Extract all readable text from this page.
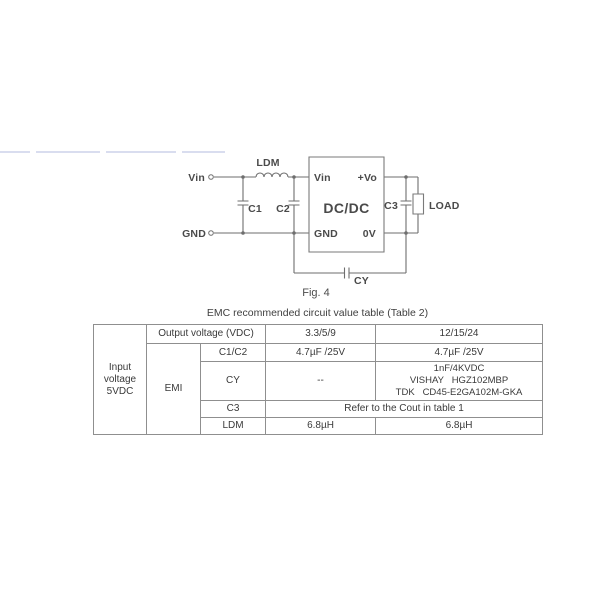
Vin
GND
LDM
C1 C2
Vin	+Vo
DC/DC
GND 0V
C3	LOAD
CY
Fig. 4
EMC recommended circuit value table (Table 2)
Input voltage 5VDC	Output voltage (VDC)		3.3/5/9	12/15/24
	EMI	C1/C2	4.7µF /25V	4.7µF /25V
		CY	--	1nF/4KVDC
VISHAY   HGZ102MBP
TDK   CD45-E2GA102M-GKA

		C3	Refer to the Cout in table 1	
		LDM	6.8µH	6.8µH
